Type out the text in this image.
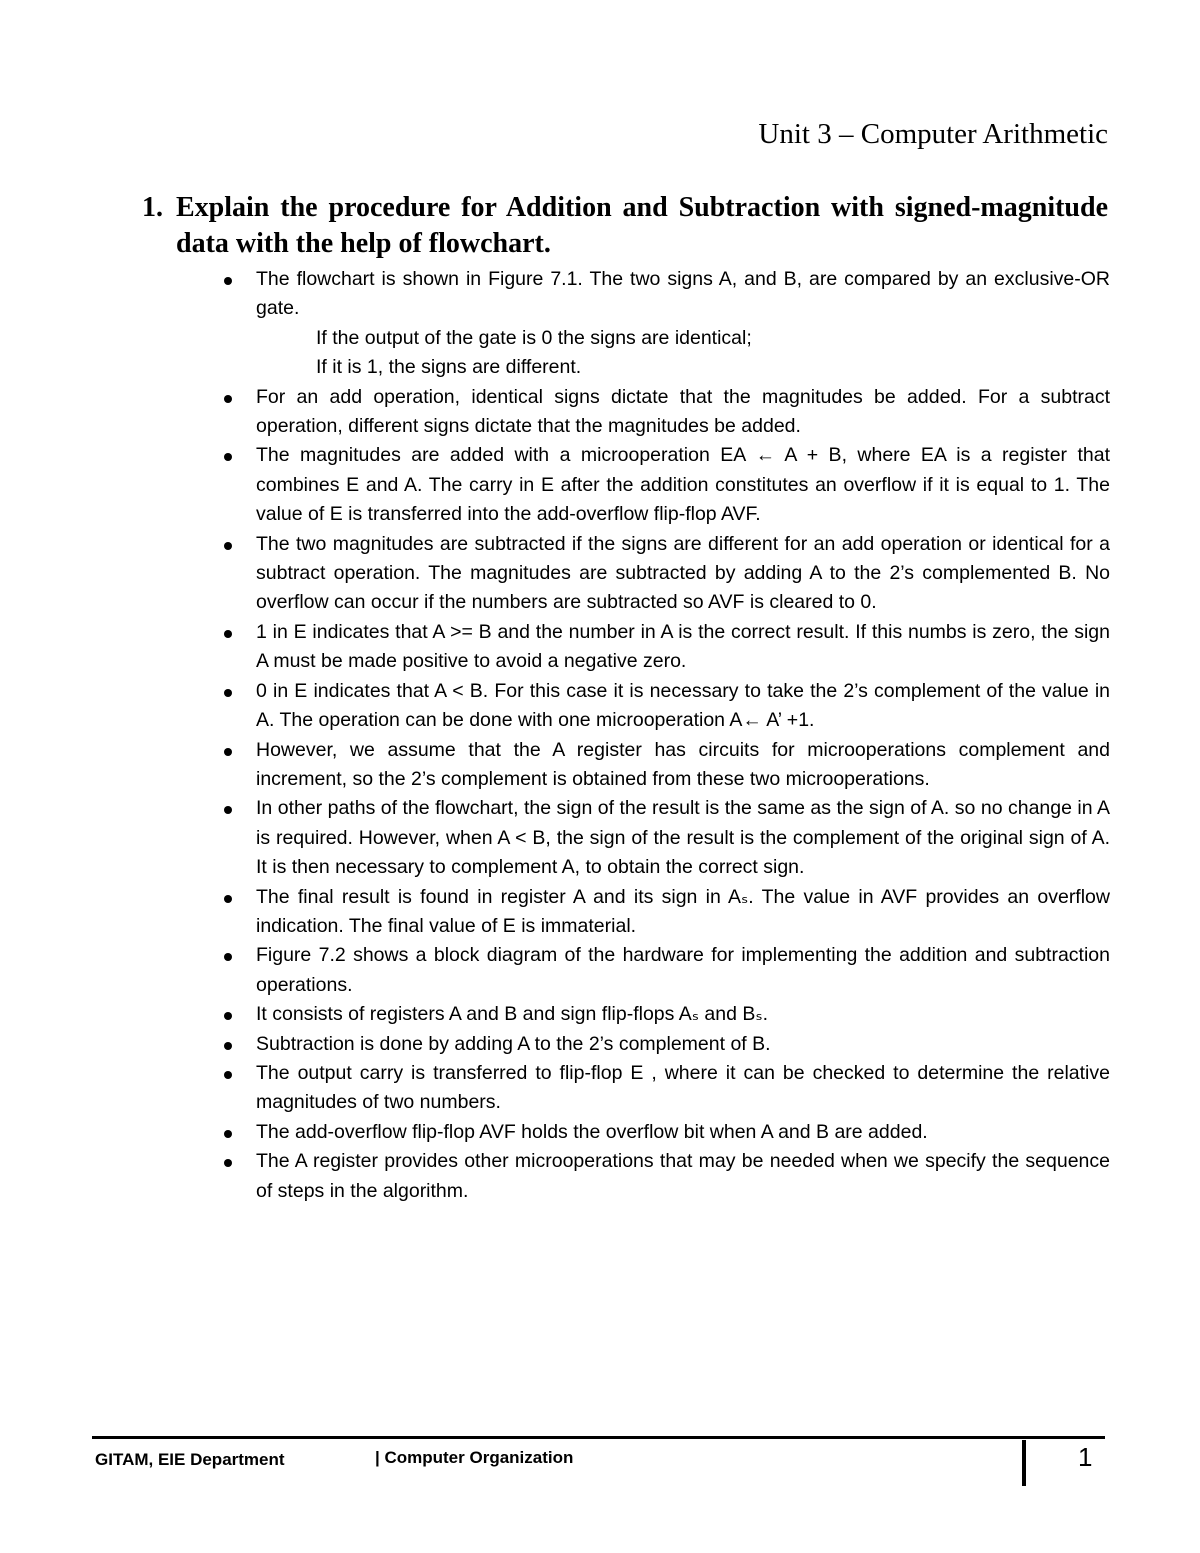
Unit 3 – Computer Arithmetic
1. Explain the procedure for Addition and Subtraction with signed-magnitude data with the help of flowchart.
The flowchart is shown in Figure 7.1. The two signs A, and B, are compared by an exclusive-OR gate.
If the output of the gate is 0 the signs are identical;
If it is 1, the signs are different.
For an add operation, identical signs dictate that the magnitudes be added. For a subtract operation, different signs dictate that the magnitudes be added.
The magnitudes are added with a microoperation EA ← A + B, where EA is a register that combines E and A. The carry in E after the addition constitutes an overflow if it is equal to 1. The value of E is transferred into the add-overflow flip-flop AVF.
The two magnitudes are subtracted if the signs are different for an add operation or identical for a subtract operation. The magnitudes are subtracted by adding A to the 2’s complemented B. No overflow can occur if the numbers are subtracted so AVF is cleared to 0.
1 in E indicates that A >= B and the number in A is the correct result. If this numbs is zero, the sign A must be made positive to avoid a negative zero.
0 in E indicates that A < B. For this case it is necessary to take the 2’s complement of the value in A. The operation can be done with one microoperation A← A’ +1.
However, we assume that the A register has circuits for microoperations complement and increment, so the 2’s complement is obtained from these two microoperations.
In other paths of the flowchart, the sign of the result is the same as the sign of A. so no change in A is required. However, when A < B, the sign of the result is the complement of the original sign of A. It is then necessary to complement A, to obtain the correct sign.
The final result is found in register A and its sign in Aₛ. The value in AVF provides an overflow indication. The final value of E is immaterial.
Figure 7.2 shows a block diagram of the hardware for implementing the addition and subtraction operations.
It consists of registers A and B and sign flip-flops Aₛ and Bₛ.
Subtraction is done by adding A to the 2’s complement of B.
The output carry is transferred to flip-flop E , where it can be checked to determine the relative magnitudes of two numbers.
The add-overflow flip-flop AVF holds the overflow bit when A and B are added.
The A register provides other microoperations that may be needed when we specify the sequence of steps in the algorithm.
GITAM, EIE Department	| Computer Organization	1
